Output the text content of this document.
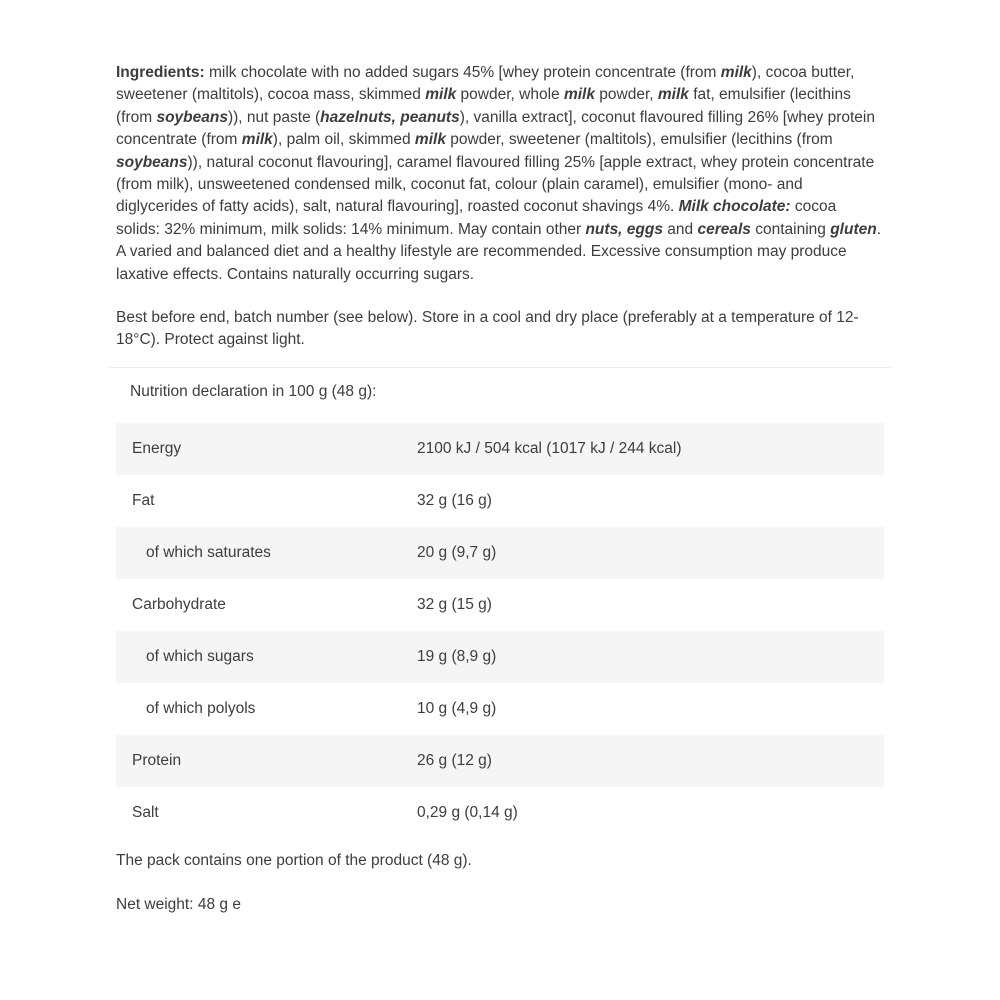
Ingredients: milk chocolate with no added sugars 45% [whey protein concentrate (from milk), cocoa butter, sweetener (maltitols), cocoa mass, skimmed milk powder, whole milk powder, milk fat, emulsifier (lecithins (from soybeans)), nut paste (hazelnuts, peanuts), vanilla extract], coconut flavoured filling 26% [whey protein concentrate (from milk), palm oil, skimmed milk powder, sweetener (maltitols), emulsifier (lecithins (from soybeans)), natural coconut flavouring], caramel flavoured filling 25% [apple extract, whey protein concentrate (from milk), unsweetened condensed milk, coconut fat, colour (plain caramel), emulsifier (mono- and diglycerides of fatty acids), salt, natural flavouring], roasted coconut shavings 4%. Milk chocolate: cocoa solids: 32% minimum, milk solids: 14% minimum. May contain other nuts, eggs and cereals containing gluten. A varied and balanced diet and a healthy lifestyle are recommended. Excessive consumption may produce laxative effects. Contains naturally occurring sugars.

Best before end, batch number (see below). Store in a cool and dry place (preferably at a temperature of 12-18°C). Protect against light.

Nutrition declaration in 100 g (48 g):
Energy	2100 kJ / 504 kcal (1017 kJ / 244 kcal)
Fat	32 g (16 g)
of which saturates	20 g (9,7 g)
Carbohydrate	32 g (15 g)
of which sugars	19 g (8,9 g)
of which polyols	10 g (4,9 g)
Protein	26 g (12 g)
Salt	0,29 g (0,14 g)

The pack contains one portion of the product (48 g).

Net weight: 48 g e
